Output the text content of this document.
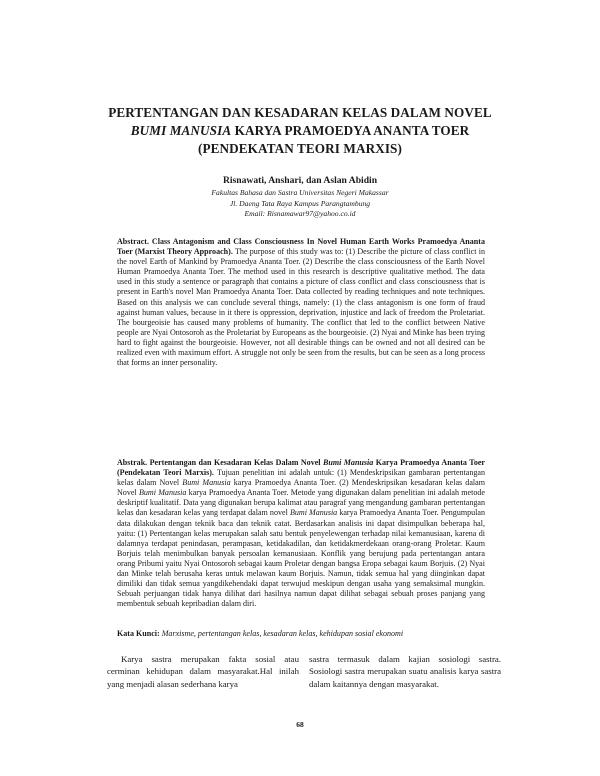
PERTENTANGAN DAN KESADARAN KELAS DALAM NOVEL
BUMI MANUSIA KARYA PRAMOEDYA ANANTA TOER
(PENDEKATAN TEORI MARXIS)
Risnawati, Anshari, dan Aslan Abidin
Fakultas Bahasa dan Sastra Universitas Negeri Makassar
Jl. Daeng Tata Raya Kampus Parangtambung
Email: Risnamawar97@yahoo.co.id
Abstract. Class Antagonism and Class Consciousness In Novel Human Earth Works Pramoedya Ananta Toer (Marxist Theory Approach). The purpose of this study was to: (1) Describe the picture of class conflict in the novel Earth of Mankind by Pramoedya Ananta Toer. (2) Describe the class consciousness of the Earth Novel Human Pramoedya Ananta Toer. The method used in this research is descriptive qualitative method. The data used in this study a sentence or paragraph that contains a picture of class conflict and class consciousness that is present in Earth's novel Man Pramoedya Ananta Toer. Data collected by reading techniques and note techniques. Based on this analysis we can conclude several things, namely: (1) the class antagonism is one form of fraud against human values, because in it there is oppression, deprivation, injustice and lack of freedom the Proletariat. The bourgeoisie has caused many problems of humanity. The conflict that led to the conflict between Native people are Nyai Ontosoroh as the Proletariat by Europeans as the bourgeoisie. (2) Nyai and Minke has been trying hard to fight against the bourgeoisie. However, not all desirable things can be owned and not all desired can be realized even with maximum effort. A struggle not only be seen from the results, but can be seen as a long process that forms an inner personality.
Abstrak. Pertentangan dan Kesadaran Kelas Dalam Novel Bumi Manusia Karya Pramoedya Ananta Toer (Pendekatan Teori Marxis). Tujuan penelitian ini adalah untuk: (1) Mendeskripsikan gambaran pertentangan kelas dalam Novel Bumi Manusia karya Pramoedya Ananta Toer. (2) Mendeskripsikan kesadaran kelas dalam Novel Bumi Manusia karya Pramoedya Ananta Toer. Metode yang digunakan dalam penelitian ini adalah metode deskriptif kualitatif. Data yang digunakan berupa kalimat atau paragraf yang mengandung gambaran pertentangan kelas dan kesadaran kelas yang terdapat dalam novel Bumi Manusia karya Pramoedya Ananta Toer. Pengumpulan data dilakukan dengan teknik baca dan teknik catat. Berdasarkan analisis ini dapat disimpulkan beberapa hal, yaitu: (1) Pertentangan kelas merupakan salah satu bentuk penyelewengan terhadap nilai kemanusiaan, karena di dalamnya terdapat penindasan, perampasan, ketidakadilan, dan ketidakmerdekaan orang-orang Proletar. Kaum Borjuis telah menimbulkan banyak persoalan kemanusiaan. Konflik yang berujung pada pertentangan antara orang Pribumi yaitu Nyai Ontosoroh sebagai kaum Proletar dengan bangsa Eropa sebagai kaum Borjuis. (2) Nyai dan Minke telah berusaha keras untuk melawan kaum Borjuis. Namun, tidak semua hal yang diinginkan dapat dimiliki dan tidak semua yangdikehendaki dapat terwujud meskipun dengan usaha yang semaksimal mungkin. Sebuah perjuangan tidak hanya dilihat dari hasilnya namun dapat dilihat sebagai sebuah proses panjang yang membentuk sebuah kepribadian dalam diri.
Kata Kunci: Marxisme, pertentangan kelas, kesadaran kelas, kehidupan sosial ekonomi
Karya sastra merupakan fakta sosial atau cerminan kehidupan dalam masyarakat.Hal inilah yang menjadi alasan sederhana karya
sastra termasuk dalam kajian sosiologi sastra. Sosiologi sastra merupakan suatu analisis karya sastra dalam kaitannya dengan masyarakat.
68
